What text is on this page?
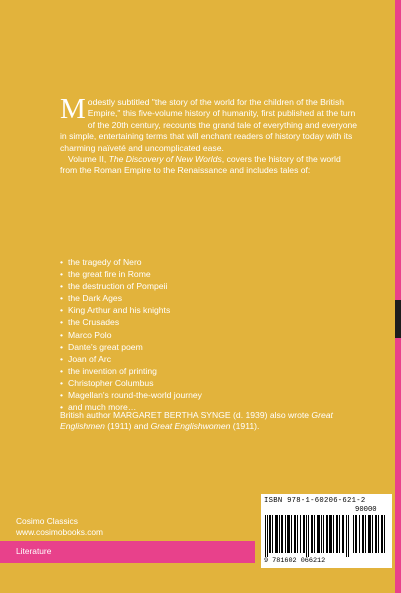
Modestly subtitled "the story of the world for the children of the British Empire," this five-volume history of humanity, first published at the turn of the 20th century, recounts the grand tale of everything and everyone in simple, entertaining terms that will enchant readers of history today with its charming naïveté and uncomplicated ease.

Volume II, The Discovery of New Worlds, covers the history of the world from the Roman Empire to the Renaissance and includes tales of:

• the tragedy of Nero
• the great fire in Rome
• the destruction of Pompeii
• the Dark Ages
• King Arthur and his knights
• the Crusades
• Marco Polo
• Dante's great poem
• Joan of Arc
• the invention of printing
• Christopher Columbus
• Magellan's round-the-world journey
• and much more…

British author MARGARET BERTHA SYNGE (d. 1939) also wrote Great Englishmen (1911) and Great Englishwomen (1911).

ISBN 978-1-60206-621-2
90000
9 781602 066212
Cosimo Classics
www.cosimobooks.com
Literature
